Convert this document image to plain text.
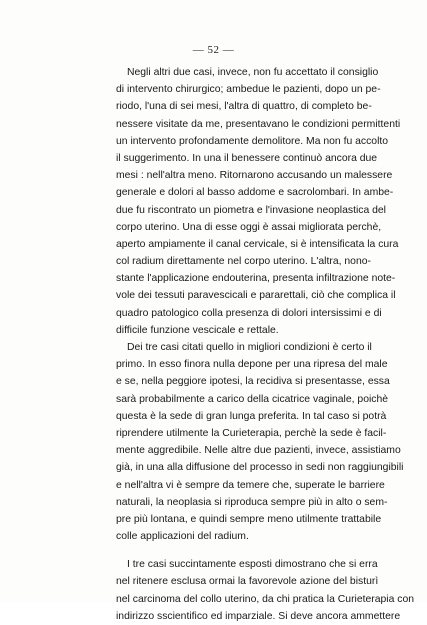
— 52 —
Negli altri due casi, invece, non fu accettato il consiglio
di intervento chirurgico; ambedue le pazienti, dopo un pe-
riodo, l'una di sei mesi, l'altra di quattro, di completo be-
nessere visitate da me, presentavano le condizioni permittenti
un intervento profondamente demolitore. Ma non fu accolto
il suggerimento. In una il benessere continuò ancora due
mesi : nell'altra meno. Ritornarono accusando un malessere
generale e dolori al basso addome e sacrolombari. In ambe-
due fu riscontrato un piometra e l'invasione neoplastica del
corpo uterino. Una di esse oggi è assai migliorata perchè,
aperto ampiamente il canal cervicale, si è intensificata la cura
col radium direttamente nel corpo uterino. L'altra, nono-
stante l'applicazione endouterina, presenta infiltrazione note-
vole dei tessuti paravescicali e pararettali, ciò che complica il
quadro patologico colla presenza di dolori intersissimi e di
difficile funzione vescicale e rettale.
Dei tre casi citati quello in migliori condizioni è certo il
primo. In esso finora nulla depone per una ripresa del male
e se, nella peggiore ipotesi, la recidiva si presentasse, essa
sarà probabilmente a carico della cicatrice vaginale, poichè
questa è la sede di gran lunga preferita. In tal caso si potrà
riprendere utilmente la Curieterapia, perchè la sede è facil-
mente aggredibile. Nelle altre due pazienti, invece, assistiamo
già, in una alla diffusione del processo in sedi non raggiungibili
e nell'altra vi è sempre da temere che, superate le barriere
naturali, la neoplasia si riproduca sempre più in alto o sem-
pre più lontana, e quindi sempre meno utilmente trattabile
colle applicazioni del radium.
I tre casi succintamente esposti dimostrano che si erra
nel ritenere esclusa ormai la favorevole azione del bisturì
nel carcinoma del collo uterino, da chi pratica la Curieterapia con
indirizzo sscientifico ed imparziale. Si deve ancora ammettere
